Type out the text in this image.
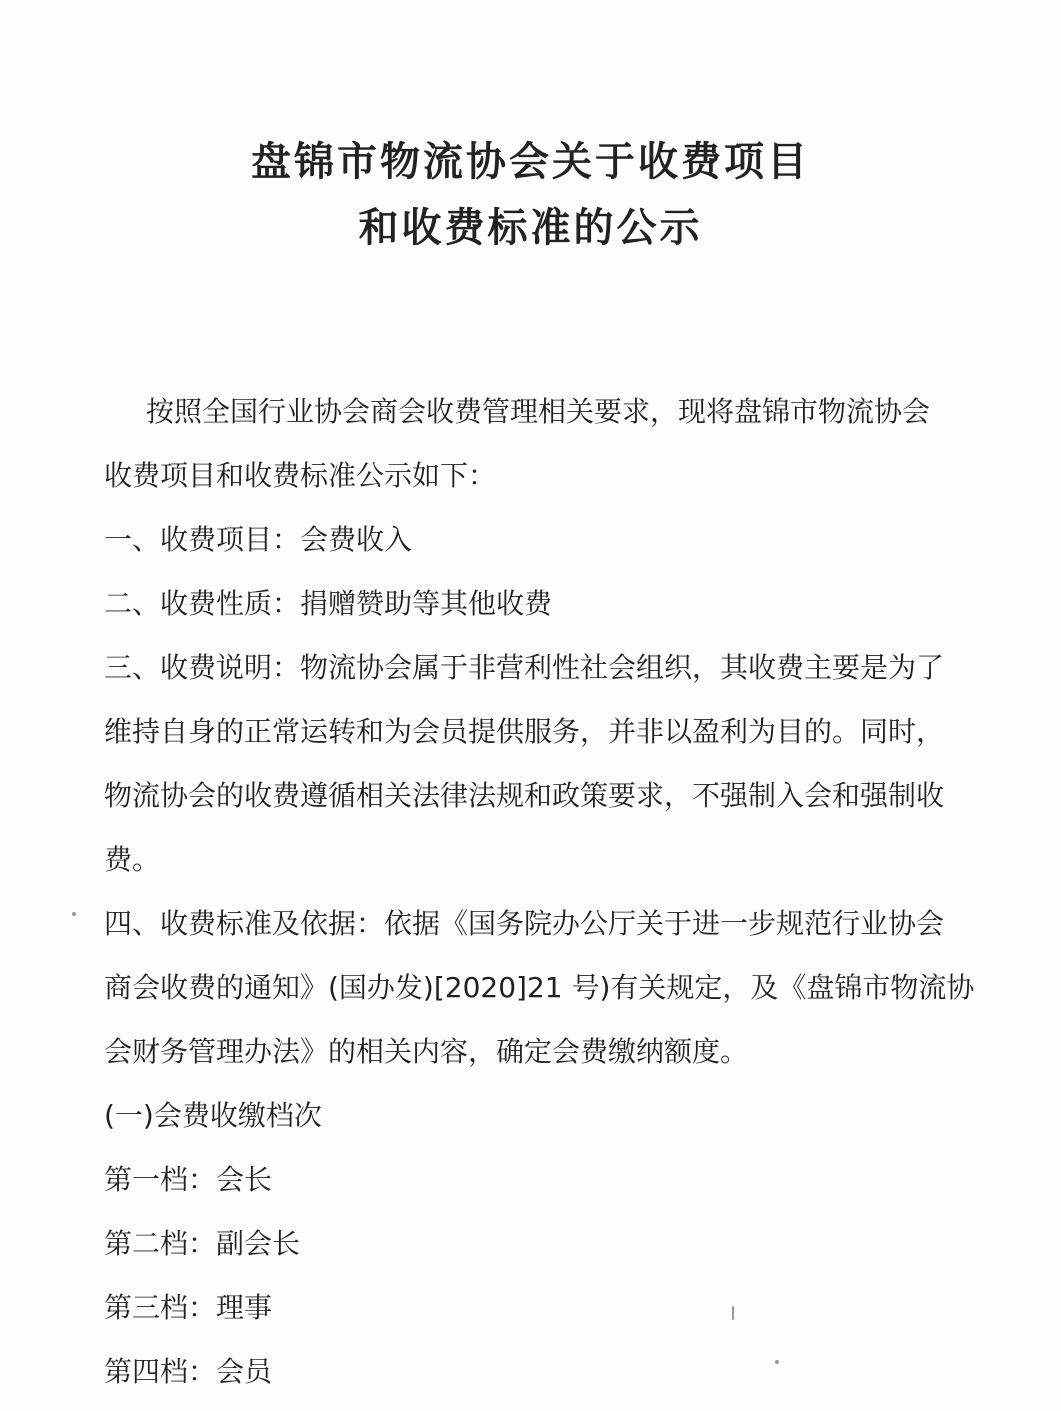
盘锦市物流协会关于收费项目
和收费标准的公示
按照全国行业协会商会收费管理相关要求，现将盘锦市物流协会
收费项目和收费标准公示如下：
一、收费项目：会费收入
二、收费性质：捐赠赞助等其他收费
三、收费说明：物流协会属于非营利性社会组织，其收费主要是为了
维持自身的正常运转和为会员提供服务，并非以盈利为目的。同时，
物流协会的收费遵循相关法律法规和政策要求，不强制入会和强制收
费。
四、收费标准及依据：依据《国务院办公厅关于进一步规范行业协会
商会收费的通知》(国办发)[2020]21 号)有关规定，及《盘锦市物流协
会财务管理办法》的相关内容，确定会费缴纳额度。
(一)会费收缴档次
第一档：会长
第二档：副会长
第三档：理事
第四档：会员
